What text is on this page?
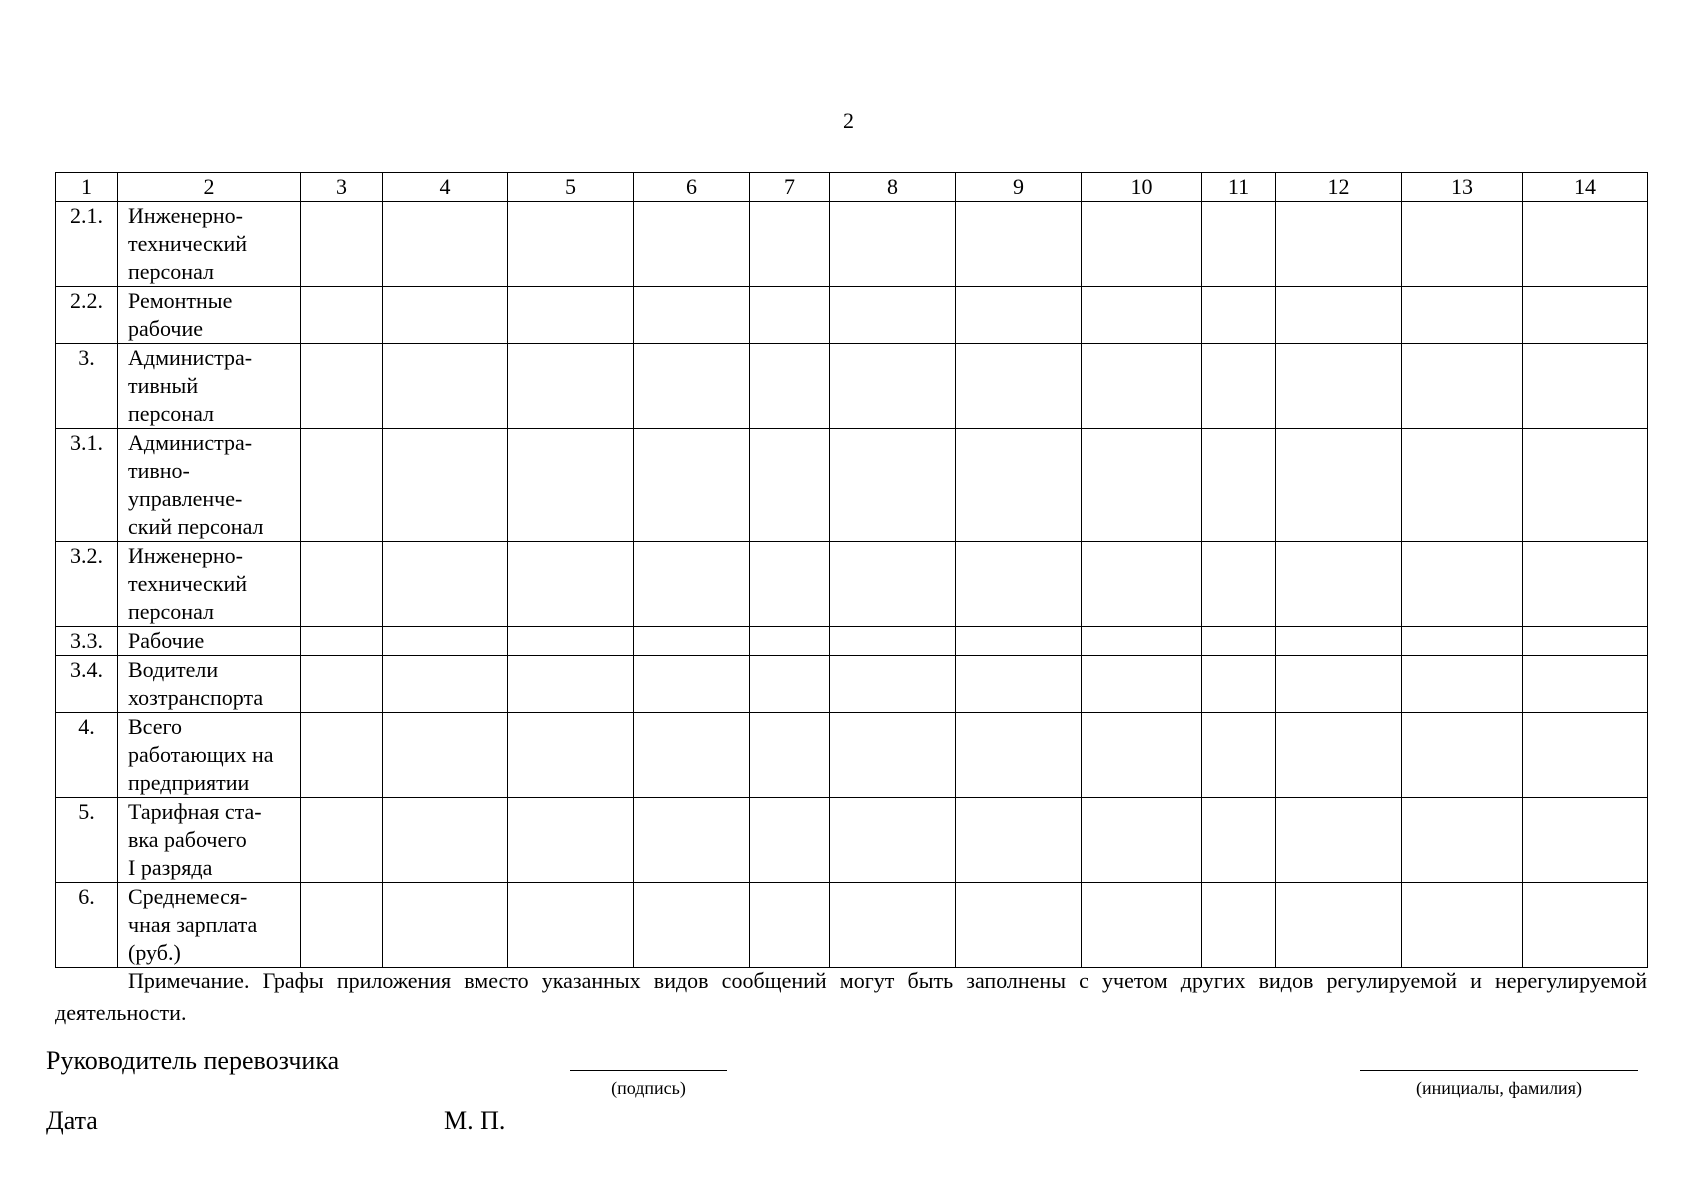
2
1	2	3	4	5	6	7	8	9	10	11	12	13	14
2.1.	Инженерно-
технический
персонал												

2.2.	Ремонтные
рабочие												

3.	Администра-
тивный
персонал												

3.1.	Администра-
тивно-
управленче-
ский персонал												

3.2.	Инженерно-
технический
персонал												

3.3.	Рабочие												

3.4.	Водители
хозтранспорта												

4.	Всего
работающих на
предприятии												

5.	Тарифная ста-
вка рабочего
I разряда												

6.	Среднемеся-
чная зарплата
(руб.)												

Примечание. Графы приложения вместо указанных видов сообщений могут быть заполнены с учетом других видов регулируемой и нерегулируемой деятельности.
Руководитель перевозчика
(подпись)	(инициалы, фамилия)
Дата	М. П.
